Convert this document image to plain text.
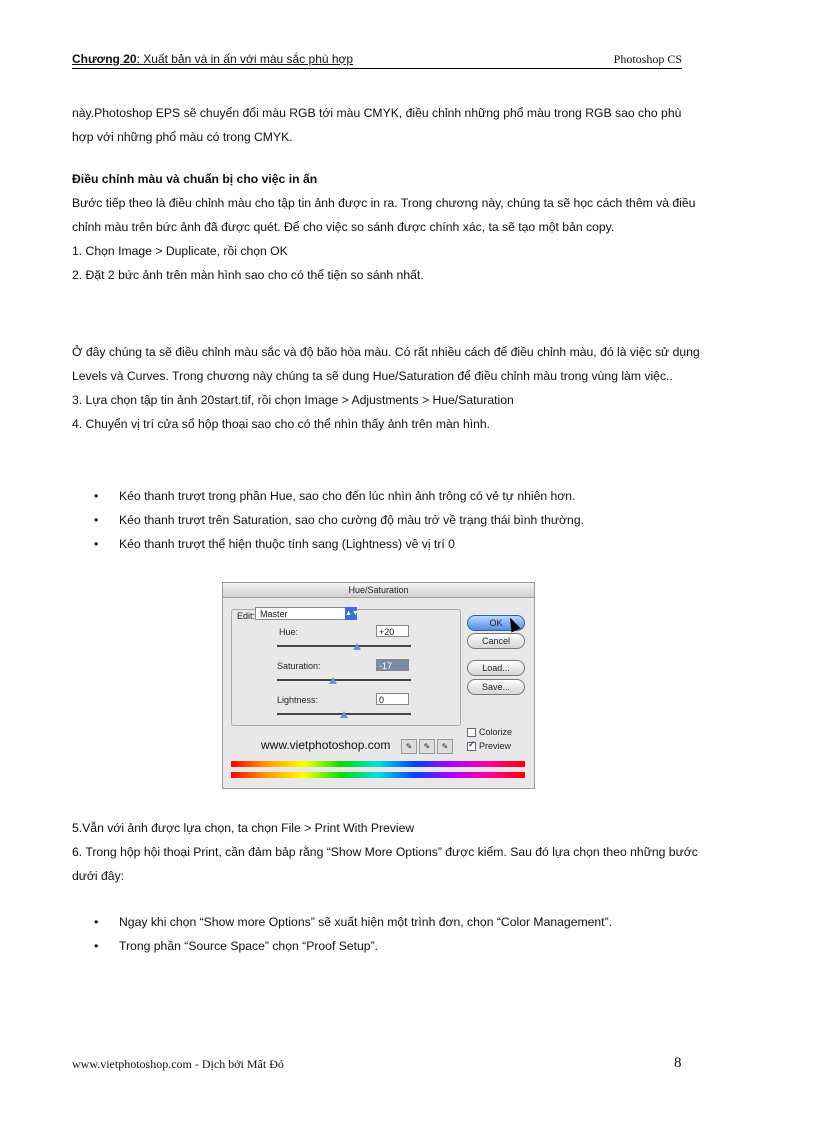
Chương 20: Xuất bản và in ấn với màu sắc phù hợp	Photoshop CS

này.Photoshop EPS sẽ chuyển đổi màu RGB tới màu CMYK, điều chỉnh những phổ màu trong RGB sao cho phù hợp với những phổ màu có trong CMYK.

Điều chỉnh màu và chuẩn bị cho việc in ấn

Bước tiếp theo là điều chỉnh màu cho tập tin ảnh được in ra. Trong chương này, chúng ta sẽ học cách thêm và điều chỉnh màu trên bức ảnh đã được quét. Để cho việc so sánh được chính xác, ta sẽ tạo một bản copy.

1. Chọn Image > Duplicate, rồi chọn OK

2. Đặt 2 bức ảnh trên màn hình sao cho có thể tiện so sánh nhất.

Ở đây chúng ta sẽ điều chỉnh màu sắc và độ bão hòa màu. Có rất nhiều cách để điều chỉnh màu, đó là việc sử dụng Levels và Curves. Trong chương này chúng ta sẽ dung Hue/Saturation để điều chỉnh màu trong vùng làm việc..

3. Lựa chọn tập tin ảnh 20start.tif, rồi chọn Image > Adjustments > Hue/Saturation

4. Chuyển vị trí cửa sổ hộp thoại sao cho có thể nhìn thấy ảnh trên màn hình.

• Kéo thanh trượt trong phần Hue, sao cho đến lúc nhìn ảnh trông có vẻ tự nhiên hơn.
• Kéo thanh trượt trên Saturation, sao cho cường độ màu trở về trạng thái bình thường.
• Kéo thanh trượt thể hiện thuộc tính sang (Lightness) về vị trí 0
Hue/Saturation
Edit: Master	▲▼
Hue:	+20
Saturation:	-17
Lightness:	0
OK
Cancel
Load...
Save...
Colorize
✓Preview
www.vietphotoshop.com	✎ ✎ ✎

5.Vẫn với ảnh được lựa chọn, ta chọn File > Print With Preview

6. Trong hộp hội thoại Print, cần đảm bảp rằng “Show More Options” được kiểm. Sau đó lựa chọn theo những bước dưới đây:

• Ngay khi chọn “Show more Options” sẽ xuất hiện một trình đơn, chọn “Color Management”.
• Trong phần “Source Space” chọn “Proof Setup”.
www.vietphotoshop.com - Dịch bởi Mất Đỏ	8
